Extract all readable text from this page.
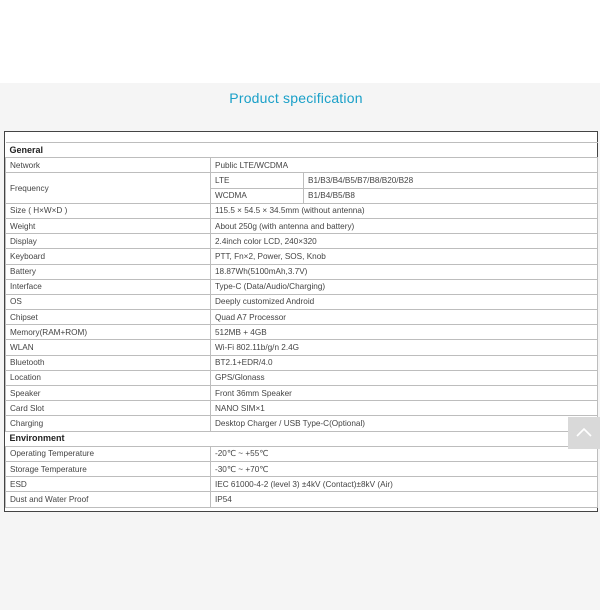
Product specification

General		
Network	Public LTE/WCDMA	
Frequency	LTE	B1/B3/B4/B5/B7/B8/B20/B28
	WCDMA	B1/B4/B5/B8
Size ( H×W×D )	115.5 × 54.5 × 34.5mm (without antenna)	
Weight	About 250g (with antenna and battery)	
Display	2.4inch color LCD, 240×320	
Keyboard	PTT, Fn×2, Power, SOS, Knob	
Battery	18.87Wh(5100mAh,3.7V)	
Interface	Type-C (Data/Audio/Charging)	
OS	Deeply customized Android	
Chipset	Quad A7 Processor	
Memory(RAM+ROM)	512MB + 4GB	
WLAN	Wi-Fi 802.11b/g/n 2.4G	
Bluetooth	BT2.1+EDR/4.0	
Location	GPS/Glonass	
Speaker	Front 36mm Speaker	
Card Slot	NANO SIM×1	
Charging	Desktop Charger / USB Type-C(Optional)	
Environment		
Operating Temperature	-20℃ ~ +55℃	
Storage Temperature	-30℃ ~ +70℃	
ESD	IEC 61000-4-2 (level 3) ±4kV (Contact)±8kV (Air)	
Dust and Water Proof	IP54	
